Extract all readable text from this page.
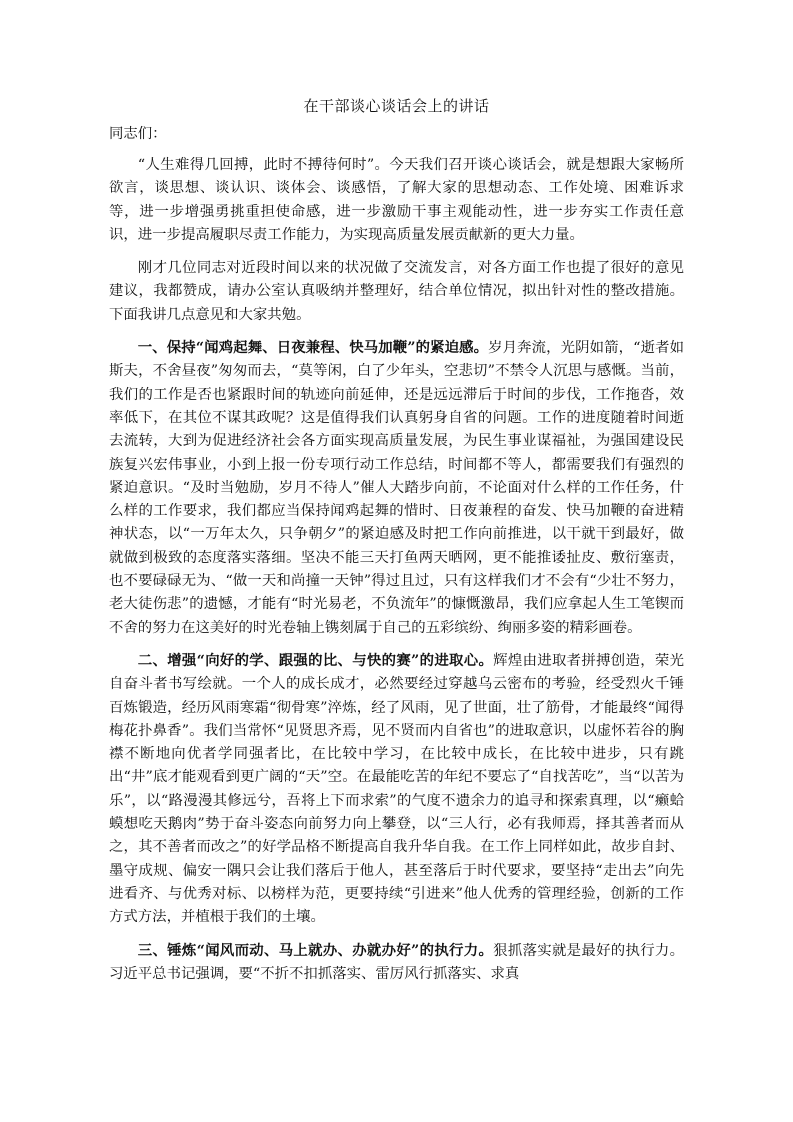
在干部谈心谈话会上的讲话
同志们：

“人生难得几回搏，此时不搏待何时”。今天我们召开谈心谈话会，就是想跟大家畅所欲言，谈思想、谈认识、谈体会、谈感悟，了解大家的思想动态、工作处境、困难诉求等，进一步增强勇挑重担使命感，进一步激励干事主观能动性，进一步夯实工作责任意识，进一步提高履职尽责工作能力，为实现高质量发展贡献新的更大力量。

刚才几位同志对近段时间以来的状况做了交流发言，对各方面工作也提了很好的意见建议，我都赞成，请办公室认真吸纳并整理好，结合单位情况，拟出针对性的整改措施。下面我讲几点意见和大家共勉。

一、保持“闻鸡起舞、日夜兼程、快马加鞭”的紧迫感。岁月奔流，光阴如箭，“逝者如斯夫，不舍昼夜”匆匆而去，“莫等闲，白了少年头，空悲切”不禁令人沉思与感慨。当前，我们的工作是否也紧跟时间的轨迹向前延伸，还是远远滞后于时间的步伐，工作拖沓，效率低下，在其位不谋其政呢？这是值得我们认真躬身自省的问题。工作的进度随着时间逝去流转，大到为促进经济社会各方面实现高质量发展，为民生事业谋福祉，为强国建设民族复兴宏伟事业，小到上报一份专项行动工作总结，时间都不等人，都需要我们有强烈的紧迫意识。“及时当勉励，岁月不待人”催人大踏步向前，不论面对什么样的工作任务，什么样的工作要求，我们都应当保持闻鸡起舞的惜时、日夜兼程的奋发、快马加鞭的奋进精神状态，以“一万年太久，只争朝夕”的紧迫感及时把工作向前推进，以干就干到最好，做就做到极致的态度落实落细。坚决不能三天打鱼两天晒网，更不能推诿扯皮、敷衍塞责，也不要碌碌无为、“做一天和尚撞一天钟”得过且过，只有这样我们才不会有“少壮不努力，老大徒伤悲”的遗憾，才能有“时光易老，不负流年”的慷慨激昂，我们应拿起人生工笔锲而不舍的努力在这美好的时光卷轴上镌刻属于自己的五彩缤纷、绚丽多姿的精彩画卷。

二、增强“向好的学、跟强的比、与快的赛”的进取心。辉煌由进取者拼搏创造，荣光自奋斗者书写绘就。一个人的成长成才，必然要经过穿越乌云密布的考验，经受烈火千锤百炼锻造，经历风雨寒霜“彻骨寒”淬炼，经了风雨，见了世面，壮了筋骨，才能最终“闻得梅花扑鼻香”。我们当常怀“见贤思齐焉，见不贤而内自省也”的进取意识，以虚怀若谷的胸襟不断地向优者学同强者比，在比较中学习，在比较中成长，在比较中进步，只有跳出“井”底才能观看到更广阔的“天”空。在最能吃苦的年纪不要忘了“自找苦吃”，当“以苦为乐”，以“路漫漫其修远兮，吾将上下而求索”的气度不遗余力的追寻和探索真理，以“癞蛤蟆想吃天鹅肉”势于奋斗姿态向前努力向上攀登，以“三人行，必有我师焉，择其善者而从之，其不善者而改之”的好学品格不断提高自我升华自我。在工作上同样如此，故步自封、墨守成规、偏安一隅只会让我们落后于他人，甚至落后于时代要求，要坚持“走出去”向先进看齐、与优秀对标、以榜样为范，更要持续“引进来”他人优秀的管理经验，创新的工作方式方法，并植根于我们的土壤。

三、锤炼“闻风而动、马上就办、办就办好”的执行力。狠抓落实就是最好的执行力。习近平总书记强调，要“不折不扣抓落实、雷厉风行抓落实、求真
